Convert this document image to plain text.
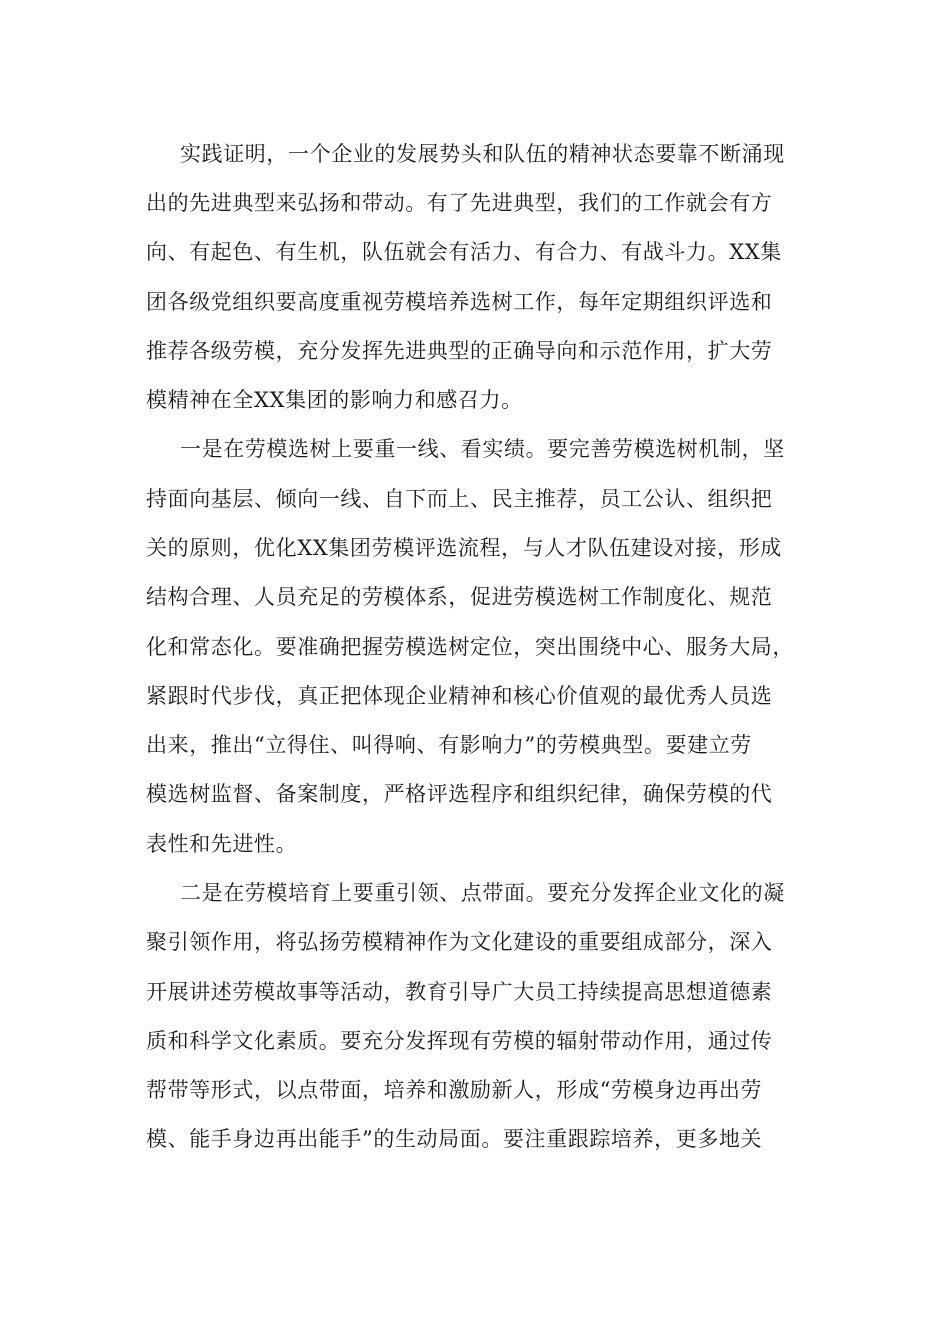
实践证明，一个企业的发展势头和队伍的精神状态要靠不断涌现
出的先进典型来弘扬和带动。有了先进典型，我们的工作就会有方
向、有起色、有生机，队伍就会有活力、有合力、有战斗力。XX集
团各级党组织要高度重视劳模培养选树工作，每年定期组织评选和
推荐各级劳模，充分发挥先进典型的正确导向和示范作用，扩大劳
模精神在全XX集团的影响力和感召力。
一是在劳模选树上要重一线、看实绩。要完善劳模选树机制，坚
持面向基层、倾向一线、自下而上、民主推荐，员工公认、组织把
关的原则，优化XX集团劳模评选流程，与人才队伍建设对接，形成
结构合理、人员充足的劳模体系，促进劳模选树工作制度化、规范
化和常态化。要准确把握劳模选树定位，突出围绕中心、服务大局，
紧跟时代步伐，真正把体现企业精神和核心价值观的最优秀人员选
出来，推出“立得住、叫得响、有影响力”的劳模典型。要建立劳
模选树监督、备案制度，严格评选程序和组织纪律，确保劳模的代
表性和先进性。
二是在劳模培育上要重引领、点带面。要充分发挥企业文化的凝
聚引领作用，将弘扬劳模精神作为文化建设的重要组成部分，深入
开展讲述劳模故事等活动，教育引导广大员工持续提高思想道德素
质和科学文化素质。要充分发挥现有劳模的辐射带动作用，通过传
帮带等形式，以点带面，培养和激励新人，形成“劳模身边再出劳
模、能手身边再出能手”的生动局面。要注重跟踪培养，更多地关
